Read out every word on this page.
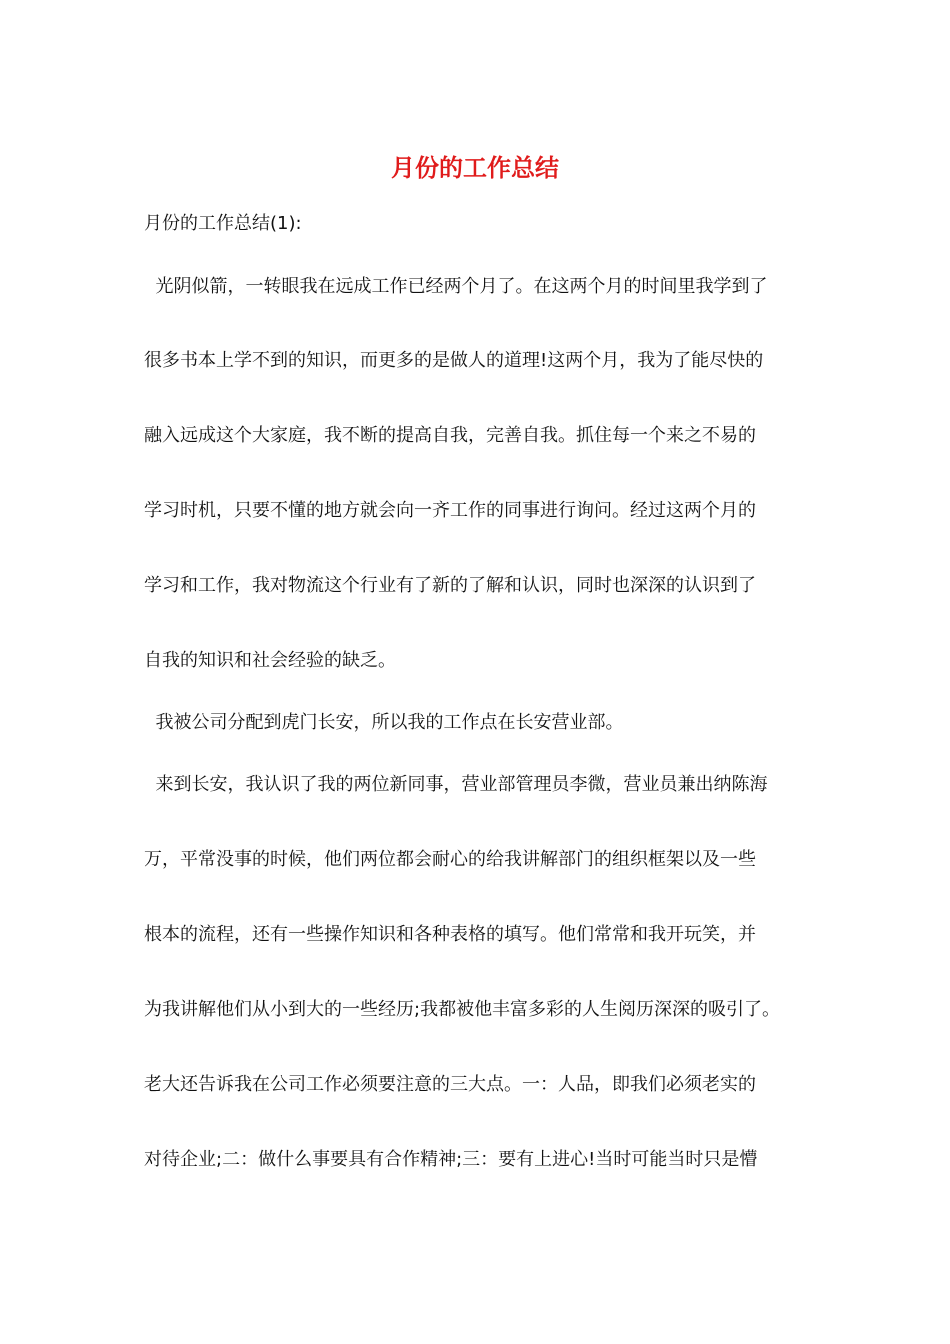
月份的工作总结
月份的工作总结(1):
光阴似箭，一转眼我在远成工作已经两个月了。在这两个月的时间里我学到了
很多书本上学不到的知识，而更多的是做人的道理!这两个月，我为了能尽快的
融入远成这个大家庭，我不断的提高自我，完善自我。抓住每一个来之不易的
学习时机，只要不懂的地方就会向一齐工作的同事进行询问。经过这两个月的
学习和工作，我对物流这个行业有了新的了解和认识，同时也深深的认识到了
自我的知识和社会经验的缺乏。
我被公司分配到虎门长安，所以我的工作点在长安营业部。
来到长安，我认识了我的两位新同事，营业部管理员李微，营业员兼出纳陈海
万，平常没事的时候，他们两位都会耐心的给我讲解部门的组织框架以及一些
根本的流程，还有一些操作知识和各种表格的填写。他们常常和我开玩笑，并
为我讲解他们从小到大的一些经历;我都被他丰富多彩的人生阅历深深的吸引了。
老大还告诉我在公司工作必须要注意的三大点。一：人品，即我们必须老实的
对待企业;二：做什么事要具有合作精神;三：要有上进心!当时可能当时只是懵
